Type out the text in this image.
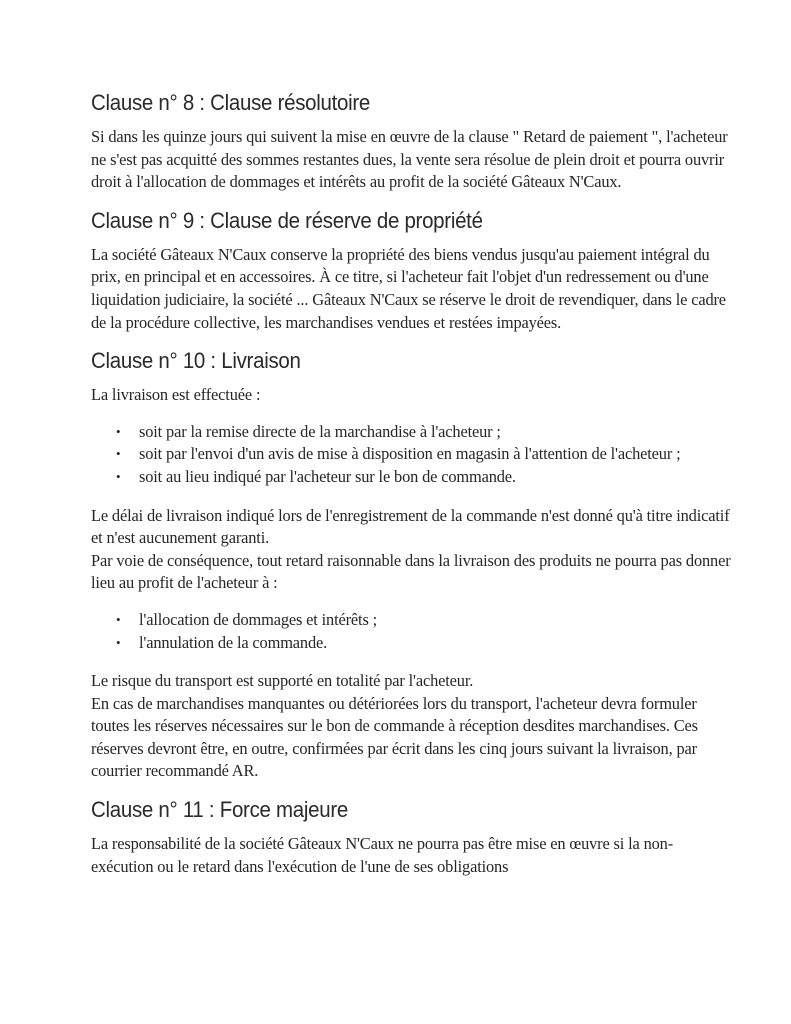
Clause n° 8 : Clause résolutoire

Si dans les quinze jours qui suivent la mise en œuvre de la clause " Retard de paiement ", l'acheteur ne s'est pas acquitté des sommes restantes dues, la vente sera résolue de plein droit et pourra ouvrir droit à l'allocation de dommages et intérêts au profit de la société Gâteaux N'Caux.

Clause n° 9 : Clause de réserve de propriété

La société Gâteaux N'Caux conserve la propriété des biens vendus jusqu'au paiement intégral du prix, en principal et en accessoires. À ce titre, si l'acheteur fait l'objet d'un redressement ou d'une liquidation judiciaire, la société ... Gâteaux N'Caux se réserve le droit de revendiquer, dans le cadre de la procédure collective, les marchandises vendues et restées impayées.

Clause n° 10 : Livraison

La livraison est effectuée :

• soit par la remise directe de la marchandise à l'acheteur ;
• soit par l'envoi d'un avis de mise à disposition en magasin à l'attention de l'acheteur ;
• soit au lieu indiqué par l'acheteur sur le bon de commande.

Le délai de livraison indiqué lors de l'enregistrement de la commande n'est donné qu'à titre indicatif et n'est aucunement garanti.

Par voie de conséquence, tout retard raisonnable dans la livraison des produits ne pourra pas donner lieu au profit de l'acheteur à :

• l'allocation de dommages et intérêts ;
• l'annulation de la commande.

Le risque du transport est supporté en totalité par l'acheteur.

En cas de marchandises manquantes ou détériorées lors du transport, l'acheteur devra formuler toutes les réserves nécessaires sur le bon de commande à réception desdites marchandises. Ces réserves devront être, en outre, confirmées par écrit dans les cinq jours suivant la livraison, par courrier recommandé AR.

Clause n° 11 : Force majeure

La responsabilité de la société Gâteaux N'Caux ne pourra pas être mise en œuvre si la non-exécution ou le retard dans l'exécution de l'une de ses obligations
